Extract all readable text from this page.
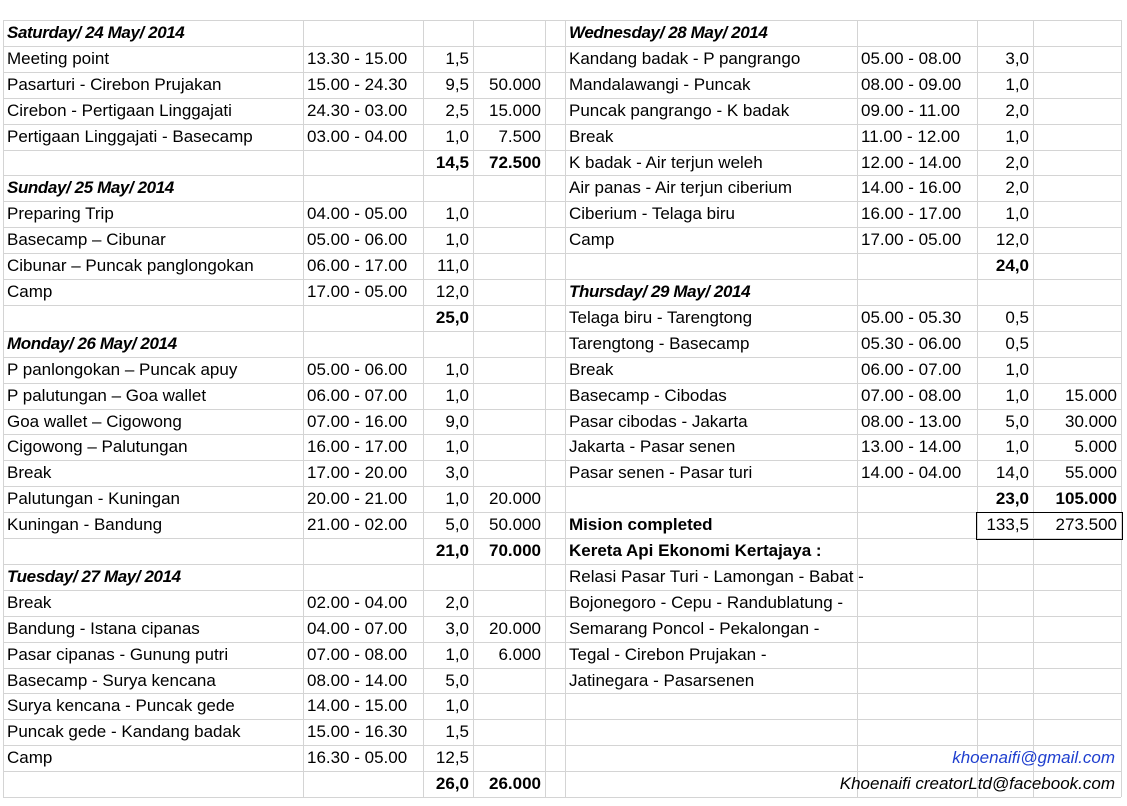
Saturday/ 24 May/ 2014
Meeting point	13.30 - 15.00	1,5
Pasarturi - Cirebon Prujakan	15.00 - 24.30	9,5	50.000
Cirebon - Pertigaan Linggajati	24.30 - 03.00	2,5	15.000
Pertigaan Linggajati - Basecamp	03.00 - 04.00	1,0	7.500
14,5	72.500
Sunday/ 25 May/ 2014
Preparing Trip	04.00 - 05.00	1,0
Basecamp – Cibunar	05.00 - 06.00	1,0
Cibunar – Puncak panglongokan	06.00 - 17.00	11,0
Camp	17.00 - 05.00	12,0
25,0
Monday/ 26 May/ 2014
P panlongokan – Puncak apuy	05.00 - 06.00	1,0
P palutungan – Goa wallet	06.00 - 07.00	1,0
Goa wallet – Cigowong	07.00 - 16.00	9,0
Cigowong – Palutungan	16.00 - 17.00	1,0
Break	17.00 - 20.00	3,0
Palutungan - Kuningan	20.00 - 21.00	1,0	20.000
Kuningan - Bandung	21.00 - 02.00	5,0	50.000
21,0	70.000
Tuesday/ 27 May/ 2014
Break	02.00 - 04.00	2,0
Bandung - Istana cipanas	04.00 - 07.00	3,0	20.000
Pasar cipanas - Gunung putri	07.00 - 08.00	1,0	6.000
Basecamp - Surya kencana	08.00 - 14.00	5,0
Surya kencana - Puncak gede	14.00 - 15.00	1,0
Puncak gede - Kandang badak	15.00 - 16.30	1,5
Camp	16.30 - 05.00	12,5
26,0	26.000
Wednesday/ 28 May/ 2014
Kandang badak - P pangrango	05.00 - 08.00	3,0
Mandalawangi - Puncak	08.00 - 09.00	1,0
Puncak pangrango - K badak	09.00 - 11.00	2,0
Break	11.00 - 12.00	1,0
K badak - Air terjun weleh	12.00 - 14.00	2,0
Air panas - Air terjun ciberium	14.00 - 16.00	2,0
Ciberium - Telaga biru	16.00 - 17.00	1,0
Camp	17.00 - 05.00	12,0
24,0
Thursday/ 29 May/ 2014
Telaga biru - Tarengtong	05.00 - 05.30	0,5
Tarengtong - Basecamp	05.30 - 06.00	0,5
Break	06.00 - 07.00	1,0
Basecamp - Cibodas	07.00 - 08.00	1,0	15.000
Pasar cibodas - Jakarta	08.00 - 13.00	5,0	30.000
Jakarta - Pasar senen	13.00 - 14.00	1,0	5.000
Pasar senen - Pasar turi	14.00 - 04.00	14,0	55.000
23,0	105.000
Mision completed	133,5	273.500
Kereta Api Ekonomi Kertajaya :
Relasi Pasar Turi - Lamongan - Babat -
Bojonegoro - Cepu - Randublatung -
Semarang Poncol - Pekalongan -
Tegal - Cirebon Prujakan -
Jatinegara - Pasarsenen
khoenaifi@gmail.com
Khoenaifi creatorLtd@facebook.com
